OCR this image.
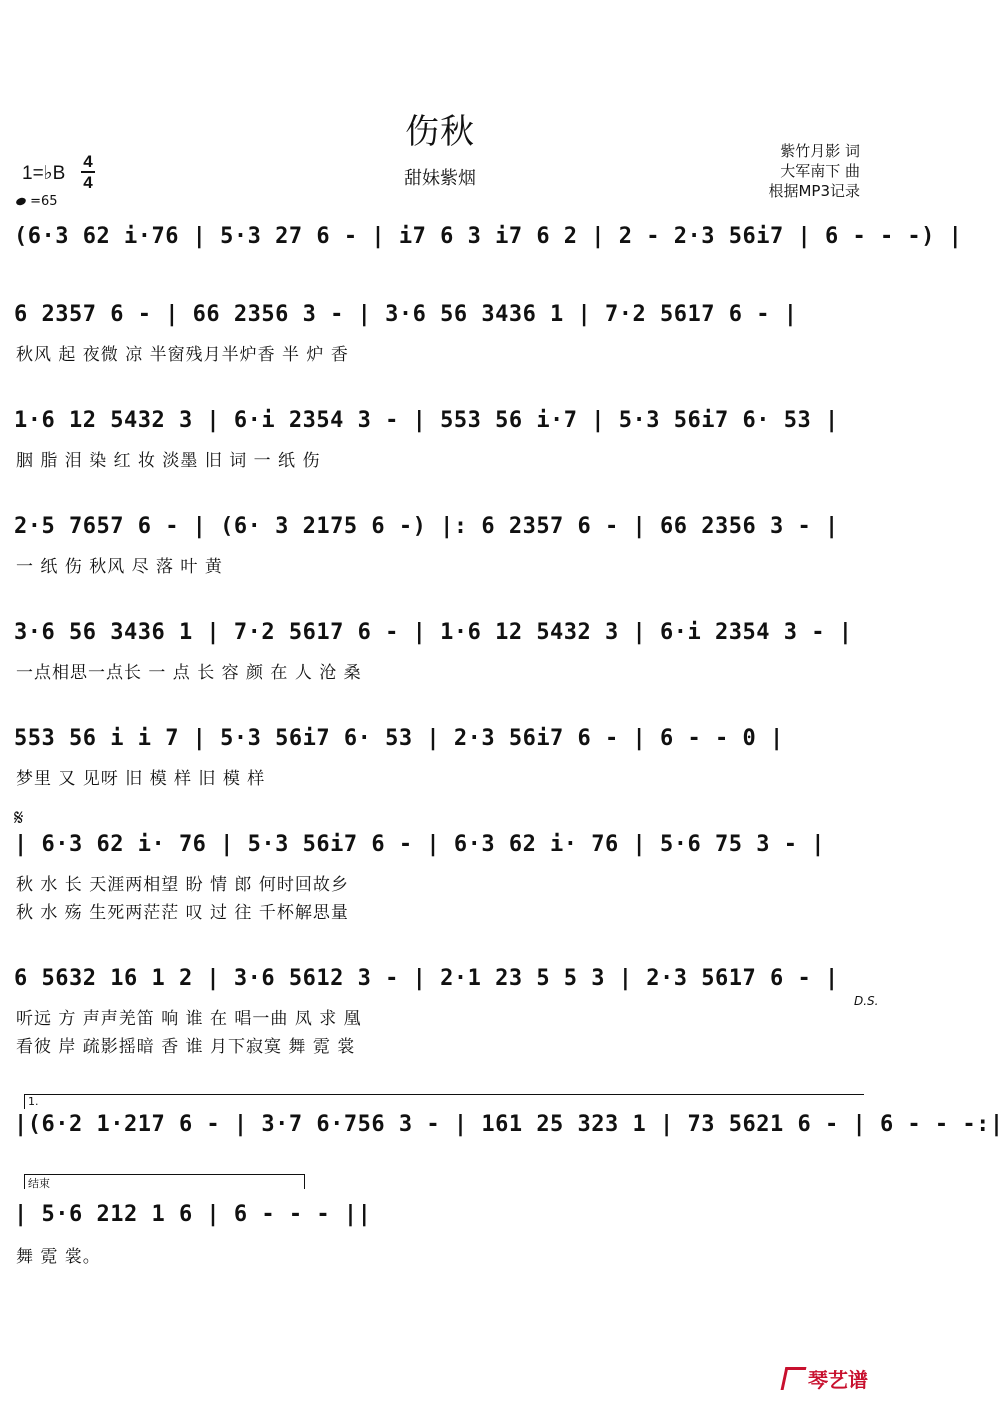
伤秋
甜妹紫烟
紫竹月影 词
大军南下 曲
根据MP3记录
1=♭B
4
4
=65
(6·3 62 i·76 | 5·3 27 6 - | i7 6 3 i7 6 2 | 2 - 2·3 56i7 | 6 - - -) |
6 2357 6 - | 66 2356 3 - | 3·6 56 3436 1 | 7·2 5617 6 - |
秋风 起 夜微 凉 半窗残月半炉香 半 炉 香
1·6 12 5432 3 | 6·i 2354 3 - | 553 56 i·7 | 5·3 56i7 6· 53 |
胭 脂 泪 染 红 妆 淡墨 旧 词 一 纸 伤
2·5 7657 6 - | (6· 3 2175 6 -) |: 6 2357 6 - | 66 2356 3 - |
一 纸 伤 秋风 尽 落 叶 黄
3·6 56 3436 1 | 7·2 5617 6 - | 1·6 12 5432 3 | 6·i 2354 3 - |
一点相思一点长 一 点 长 容 颜 在 人 沧 桑
553 56 i i 7 | 5·3 56i7 6· 53 | 2·3 56i7 6 - | 6 - - 0 |
梦里 又 见呀 旧 模 样 旧 模 样
𝄋
| 6·3 62 i· 76 | 5·3 56i7 6 - | 6·3 62 i· 76 | 5·6 75 3 - |
秋 水 长 天涯两相望 盼 情 郎 何时回故乡
秋 水 殇 生死两茫茫 叹 过 往 千杯解思量
6 5632 16 1 2 | 3·6 5612 3 - | 2·1 23 5 5 3 | 2·3 5617 6 - |
D.S.
听远 方 声声羌笛 响 谁 在 唱一曲 凤 求 凰
看彼 岸 疏影摇暗 香 谁 月下寂寞 舞 霓 裳
1.
|(6·2 1·217 6 - | 3·7 6·756 3 - | 161 25 323 1 | 73 5621 6 - | 6 - - -:|
结束
| 5·6 212 1 6 | 6 - - - ||
舞 霓 裳。
琴艺谱
